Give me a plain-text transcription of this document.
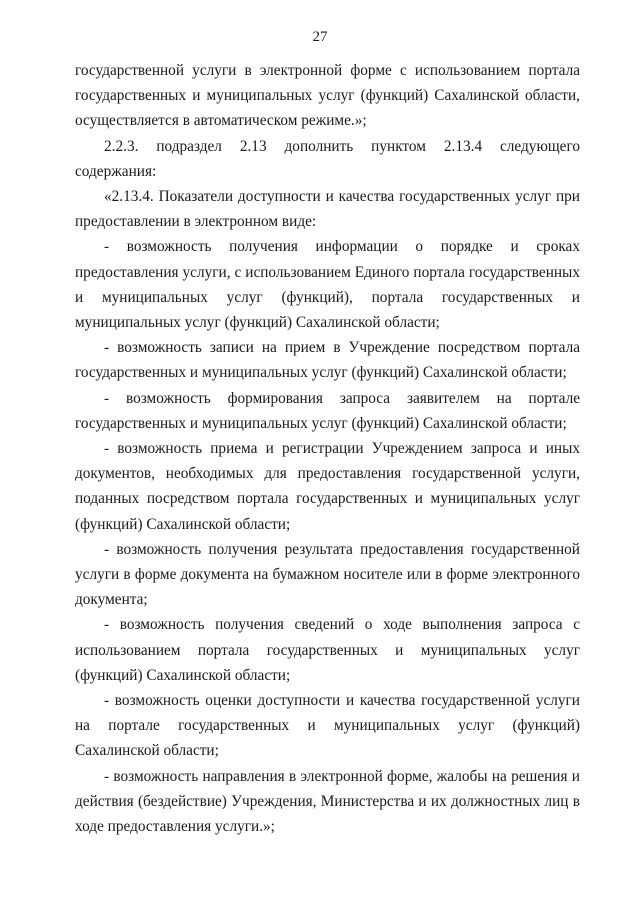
27

государственной услуги в электронной форме с использованием портала государственных и муниципальных услуг (функций) Сахалинской области, осуществляется в автоматическом режиме.»;

2.2.3. подраздел 2.13 дополнить пунктом 2.13.4 следующего содержания:

«2.13.4. Показатели доступности и качества государственных услуг при предоставлении в электронном виде:

- возможность получения информации о порядке и сроках предоставления услуги, с использованием Единого портала государственных и муниципальных услуг (функций), портала государственных и муниципальных услуг (функций) Сахалинской области;

- возможность записи на прием в Учреждение посредством портала государственных и муниципальных услуг (функций) Сахалинской области;

- возможность формирования запроса заявителем на портале государственных и муниципальных услуг (функций) Сахалинской области;

- возможность приема и регистрации Учреждением запроса и иных документов, необходимых для предоставления государственной услуги, поданных посредством портала государственных и муниципальных услуг (функций) Сахалинской области;

- возможность получения результата предоставления государственной услуги в форме документа на бумажном носителе или в форме электронного документа;

- возможность получения сведений о ходе выполнения запроса с использованием портала государственных и муниципальных услуг (функций) Сахалинской области;

- возможность оценки доступности и качества государственной услуги на портале государственных и муниципальных услуг (функций) Сахалинской области;

- возможность направления в электронной форме, жалобы на решения и действия (бездействие) Учреждения, Министерства и их должностных лиц в ходе предоставления услуги.»;
